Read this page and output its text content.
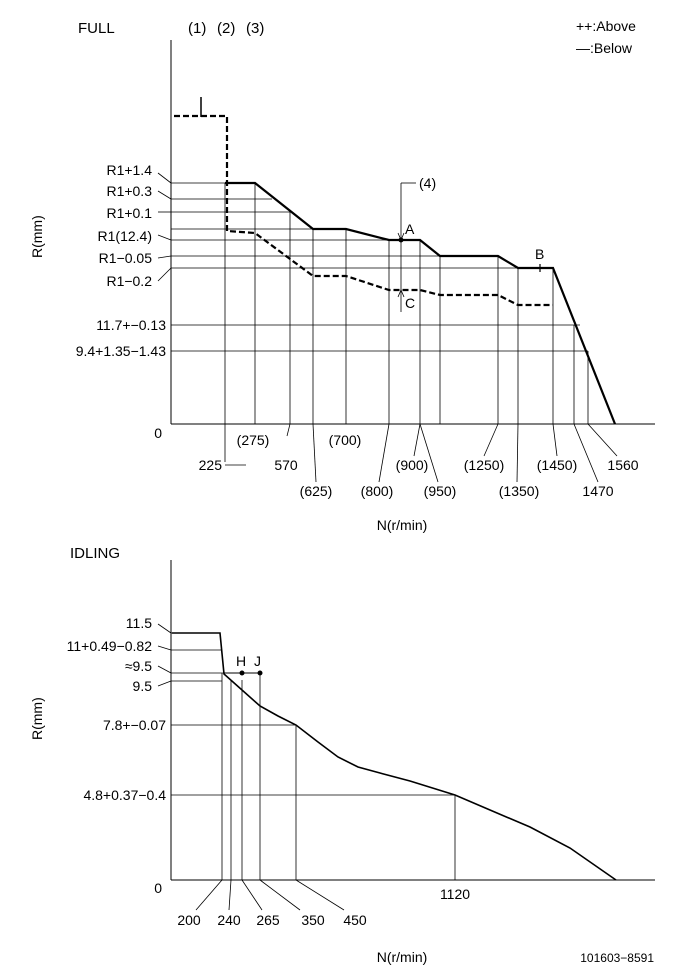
FULL	(1) (2) (3)	++:Above
—:Below
R(mm)
R1+1.4
R1+0.3
R1+0.1
R1(12.4)
R1−0.05
R1−0.2
11.7+−0.13
9.4+1.35−1.43
0
225
(275)
570
(625)
(700)
(800)
(900)
(950)
(1250)
(1350)
(1450)
1470
1560
A
B
C
(4)
N(r/min)
IDLING
R(mm)
11.5
11+0.49−0.82
≈9.5
9.5
7.8+−0.07
4.8+0.37−0.4
0
H J
200 240 265 350 450
1120
N(r/min)	101603−8591
